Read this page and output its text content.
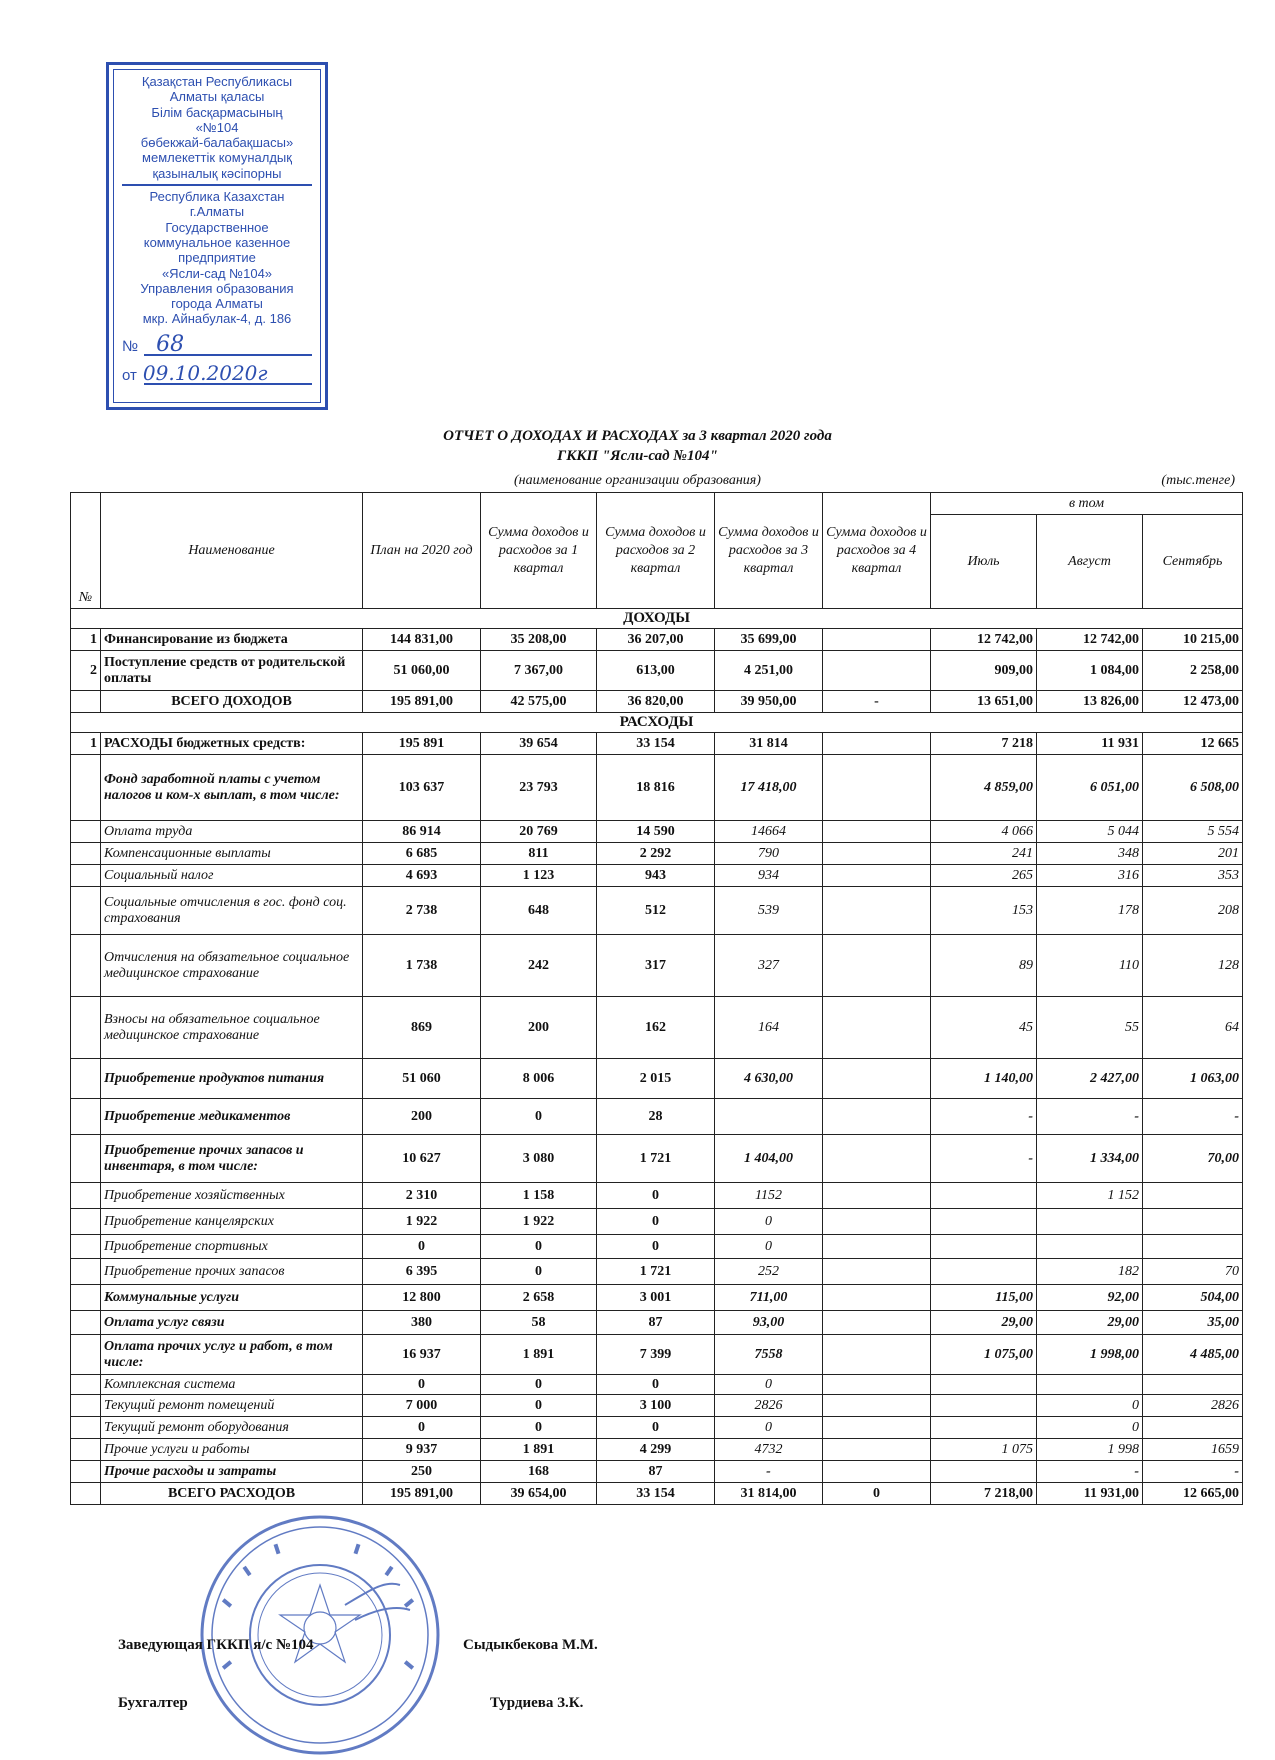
Қазақстан Республикасы
Алматы қаласы
Білім басқармасының
«№104
бөбекжай-балабақшасы»
мемлекеттік комуналдық
қазыналық кәсіпорны
Республика Казахстан
г.Алматы
Государственное
коммунальное казенное
предприятие
«Ясли-сад №104»
Управления образования
города Алматы
мкр. Айнабулак-4, д. 186
№ 68
от 09.10.2020г
ОТЧЕТ О ДОХОДАХ И РАСХОДАХ за 3 квартал 2020 года
ГККП "Ясли-сад №104"
(наименование организации образования)	(тыс.тенге)
№	Наименование	План на 2020 год	Сумма доходов и расходов за 1 квартал	Сумма доходов и расходов за 2 квартал	Сумма доходов и расходов за 3 квартал	Сумма доходов и расходов за 4 квартал	в том		
							Июль	Август	Сентябрь
ДОХОДЫ									
1	Финансирование из бюджета	144 831,00	35 208,00	36 207,00	35 699,00		12 742,00	12 742,00	10 215,00
2	Поступление средств от родительской оплаты	51 060,00	7 367,00	613,00	4 251,00		909,00	1 084,00	2 258,00
	ВСЕГО ДОХОДОВ	195 891,00	42 575,00	36 820,00	39 950,00	-	13 651,00	13 826,00	12 473,00
РАСХОДЫ									
1	РАСХОДЫ бюджетных средств:	195 891	39 654	33 154	31 814		7 218	11 931	12 665
	Фонд заработной платы с учетом налогов и ком-х выплат, в том числе:	103 637	23 793	18 816	17 418,00		4 859,00	6 051,00	6 508,00
	Оплата труда	86 914	20 769	14 590	14664		4 066	5 044	5 554
	Компенсационные выплаты	6 685	811	2 292	790		241	348	201
	Социальный налог	4 693	1 123	943	934		265	316	353
	Социальные отчисления в гос. фонд соц. страхования	2 738	648	512	539		153	178	208
	Отчисления на обязательное социальное медицинское страхование	1 738	242	317	327		89	110	128
	Взносы на обязательное социальное медицинское страхование	869	200	162	164		45	55	64
	Приобретение продуктов питания	51 060	8 006	2 015	4 630,00		1 140,00	2 427,00	1 063,00
	Приобретение медикаментов	200	0	28			-	-	-
	Приобретение прочих запасов и инвентаря, в том числе:	10 627	3 080	1 721	1 404,00		-	1 334,00	70,00
	Приобретение хозяйственных	2 310	1 158	0	1152			1 152	
	Приобретение канцелярских	1 922	1 922	0	0				
	Приобретение спортивных	0	0	0	0				
	Приобретение прочих запасов	6 395	0	1 721	252			182	70
	Коммунальные услуги	12 800	2 658	3 001	711,00		115,00	92,00	504,00
	Оплата услуг связи	380	58	87	93,00		29,00	29,00	35,00
	Оплата прочих услуг и работ, в том числе:	16 937	1 891	7 399	7558		1 075,00	1 998,00	4 485,00
	Комплексная система	0	0	0	0				
	Текущий ремонт помещений	7 000	0	3 100	2826			0	2826
	Текущий ремонт оборудования	0	0	0	0			0	
	Прочие услуги и работы	9 937	1 891	4 299	4732		1 075	1 998	1659
	Прочие расходы и затраты	250	168	87	-			-	-
	ВСЕГО РАСХОДОВ	195 891,00	39 654,00	33 154	31 814,00	0	7 218,00	11 931,00	12 665,00
Заведующая ГККП я/с №104	Сыдыкбекова М.М.
Бухгалтер	Турдиева З.К.
